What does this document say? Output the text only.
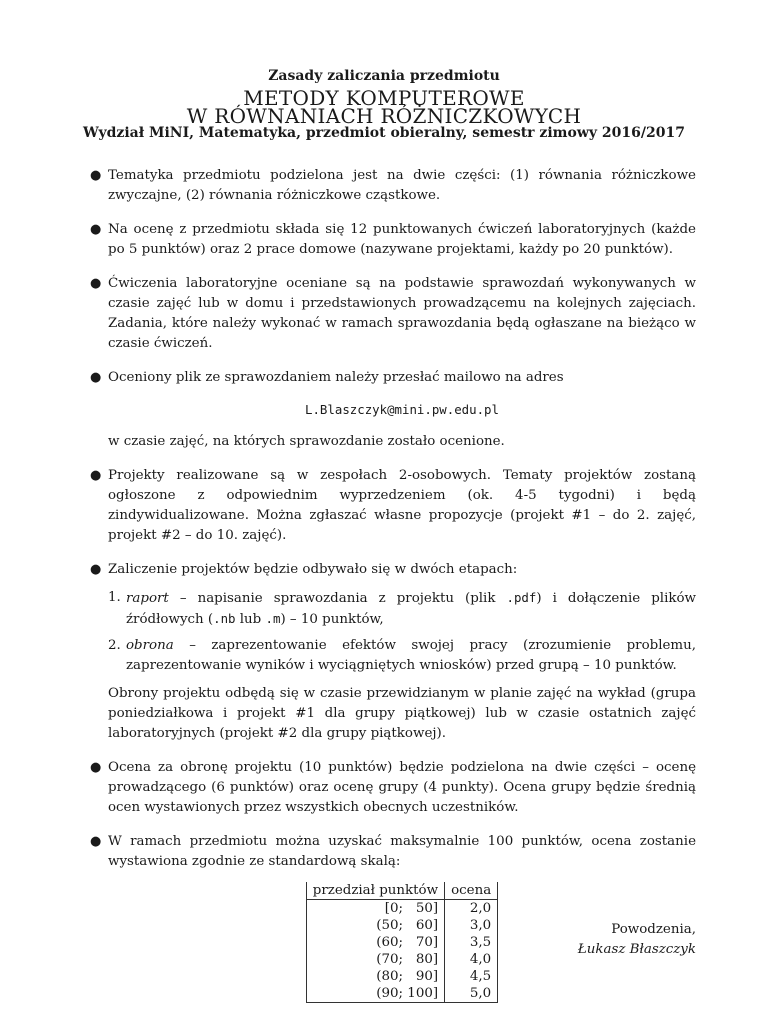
Zasady zaliczania przedmiotu
METODY KOMPUTEROWE
W RÓWNANIACH RÓŻNICZKOWYCH
Wydział MiNI, Matematyka, przedmiot obieralny, semestr zimowy 2016/2017
● Tematyka przedmiotu podzielona jest na dwie części: (1) równania różniczkowe zwyczajne, (2) równania różniczkowe cząstkowe.

● Na ocenę z przedmiotu składa się 12 punktowanych ćwiczeń laboratoryjnych (każde po 5 punktów) oraz 2 prace domowe (nazywane projektami, każdy po 20 punktów).

● Ćwiczenia laboratoryjne oceniane są na podstawie sprawozdań wykonywanych w czasie zajęć lub w domu i przedstawionych prowadzącemu na kolejnych zajęciach. Zadania, które należy wykonać w ramach sprawozdania będą ogłaszane na bieżąco w czasie ćwiczeń.

● Oceniony plik ze sprawozdaniem należy przesłać mailowo na adres

L.Blaszczyk@mini.pw.edu.pl

w czasie zajęć, na których sprawozdanie zostało ocenione.

● Projekty realizowane są w zespołach 2-osobowych. Tematy projektów zostaną ogłoszone z odpowiednim wyprzedzeniem (ok. 4-5 tygodni) i będą zindywidualizowane. Można zgłaszać własne propozycje (projekt #1 – do 2. zajęć, projekt #2 – do 10. zajęć).

● Zaliczenie projektów będzie odbywało się w dwóch etapach:

1. raport – napisanie sprawozdania z projektu (plik .pdf) i dołączenie plików źródłowych (.nb lub .m) – 10 punktów,

2. obrona – zaprezentowanie efektów swojej pracy (zrozumienie problemu, zaprezentowanie wyników i wyciągniętych wniosków) przed grupą – 10 punktów.

Obrony projektu odbędą się w czasie przewidzianym w planie zajęć na wykład (grupa poniedziałkowa i projekt #1 dla grupy piątkowej) lub w czasie ostatnich zajęć laboratoryjnych (projekt #2 dla grupy piątkowej).

● Ocena za obronę projektu (10 punktów) będzie podzielona na dwie części – ocenę prowadzącego (6 punktów) oraz ocenę grupy (4 punkty). Ocena grupy będzie średnią ocen wystawionych przez wszystkich obecnych uczestników.

● W ramach przedmiotu można uzyskać maksymalnie 100 punktów, ocena zostanie wystawiona zgodnie ze standardową skalą:

przedział punktów	ocena
[0;   50]	2,0
(50;   60]	3,0
(60;   70]	3,5
(70;   80]	4,0
(80;   90]	4,5
(90; 100]	5,0
Powodzenia,
Łukasz Błaszczyk
